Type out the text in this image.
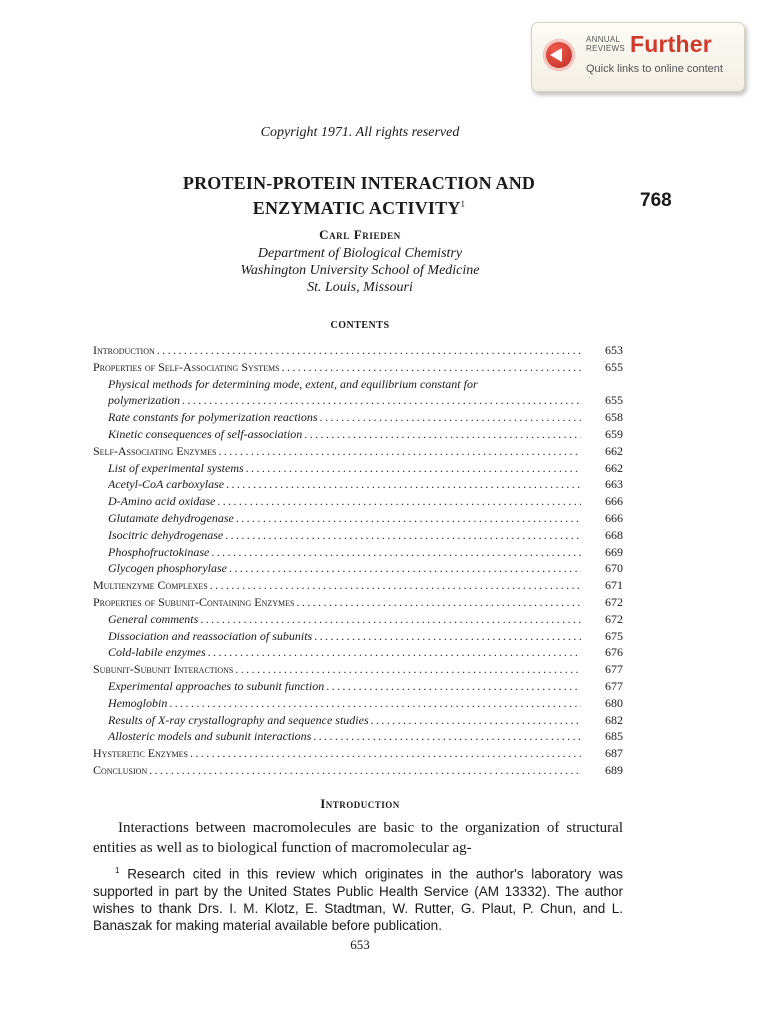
ANNUAL
REVIEWS Further
Quick links to online content
Copyright 1971. All rights reserved
PROTEIN-PROTEIN INTERACTION AND
ENZYMATIC ACTIVITY$^1$	768
Carl Frieden
Department of Biological Chemistry
Washington University School of Medicine
St. Louis, Missouri
CONTENTS
Introduction .....	653
Properties of Self-Associating Systems .....	655
Physical methods for determining mode, extent, and equilibrium constant for
polymerization .....	655
Rate constants for polymerization reactions .....	658
Kinetic consequences of self-association .....	659
Self-Associating Enzymes .....	662
List of experimental systems .....	662
Acetyl-CoA carboxylase .....	663
D-Amino acid oxidase .....	666
Glutamate dehydrogenase .....	666
Isocitric dehydrogenase .....	668
Phosphofructokinase .....	669
Glycogen phosphorylase .....	670
Multienzyme Complexes .....	671
Properties of Subunit-Containing Enzymes .....	672
General comments .....	672
Dissociation and reassociation of subunits .....	675
Cold-labile enzymes .....	676
Subunit-Subunit Interactions .....	677
Experimental approaches to subunit function .....	677
Hemoglobin .....	680
Results of X-ray crystallography and sequence studies .....	682
Allosteric models and subunit interactions .....	685
Hysteretic Enzymes .....	687
Conclusion .....	689
Introduction

Interactions between macromolecules are basic to the organization of structural entities as well as to biological function of macromolecular ag-

$^1$ Research cited in this review which originates in the author's laboratory was supported in part by the United States Public Health Service (AM 13332). The author wishes to thank Drs. I. M. Klotz, E. Stadtman, W. Rutter, G. Plaut, P. Chun, and L. Banaszak for making material available before publication.

653
